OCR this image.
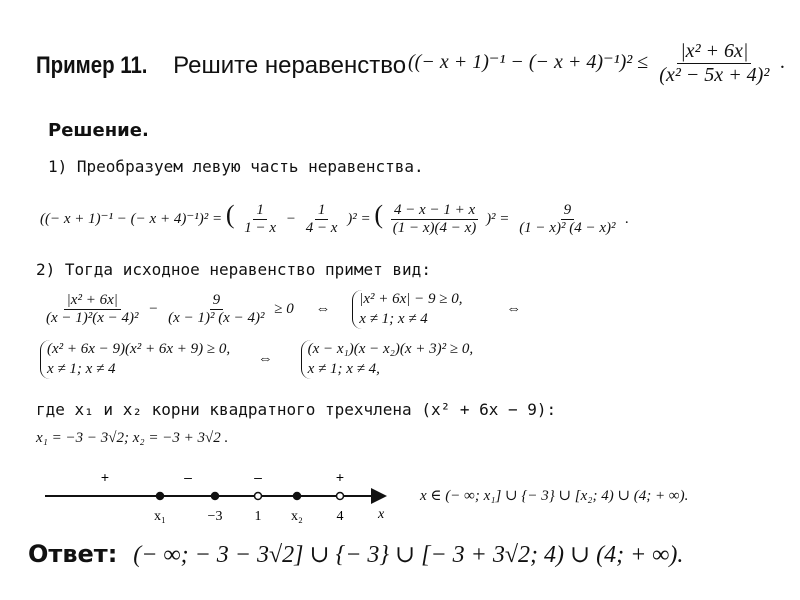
Пример 11. Решите неравенство ((− x + 1)⁻¹ − (− $x + 4)^{-1})^2 \le \frac{\text{|x² + 6x|}}{\text{(x² − 5x + 4)²}}$ .
Решение.
1) Преобразуем левую часть неравенства.
((− x + 1)⁻¹ − (− x + 4)⁻¹)² = ( $\frac{1}{1 - x} - \frac{1}{4 - x} )^2$ = ( $\frac{4 - x - 1 + x}{(1 - x)(4 - x)} )^2 = \frac{9}{\text{(1 − x)² (4 − x)²}}$ .
2) Тогда исходное неравенство примет вид:
$\frac{\text{|x² + 6x|}}{\text{(x − 1)²(x − 4)²}} - \frac{9}{\text{(x − 1)² (x − 4)²}} \ge 0$ ⇔ |x² + 6x| − 9 ≥ 0,
x ≠ 1; x ≠ 4 ⇔
(x² + 6x − 9)(x² + 6x + 9) ≥ 0,
x ≠ 1; x ≠ 4 ⇔ (x − x₁)(x − x₂)(x + 3)² ≥ 0,
x ≠ 1; x ≠ 4,
где x₁ и x₂ корни квадратного трехчлена (x² + 6x − 9):
x₁ = −3 − 3√2; x₂ = −3 + 3√2 .
+	–	–	+
x₁	−3 1 x₂ 4 x
x ∈ (− ∞; x₁] ∪ {− 3} ∪ [x₂; 4) ∪ (4; + ∞).
Ответ: (− ∞; − 3 − 3√2] ∪ {− 3} ∪ [− 3 + 3√2; 4) ∪ (4; + ∞).
